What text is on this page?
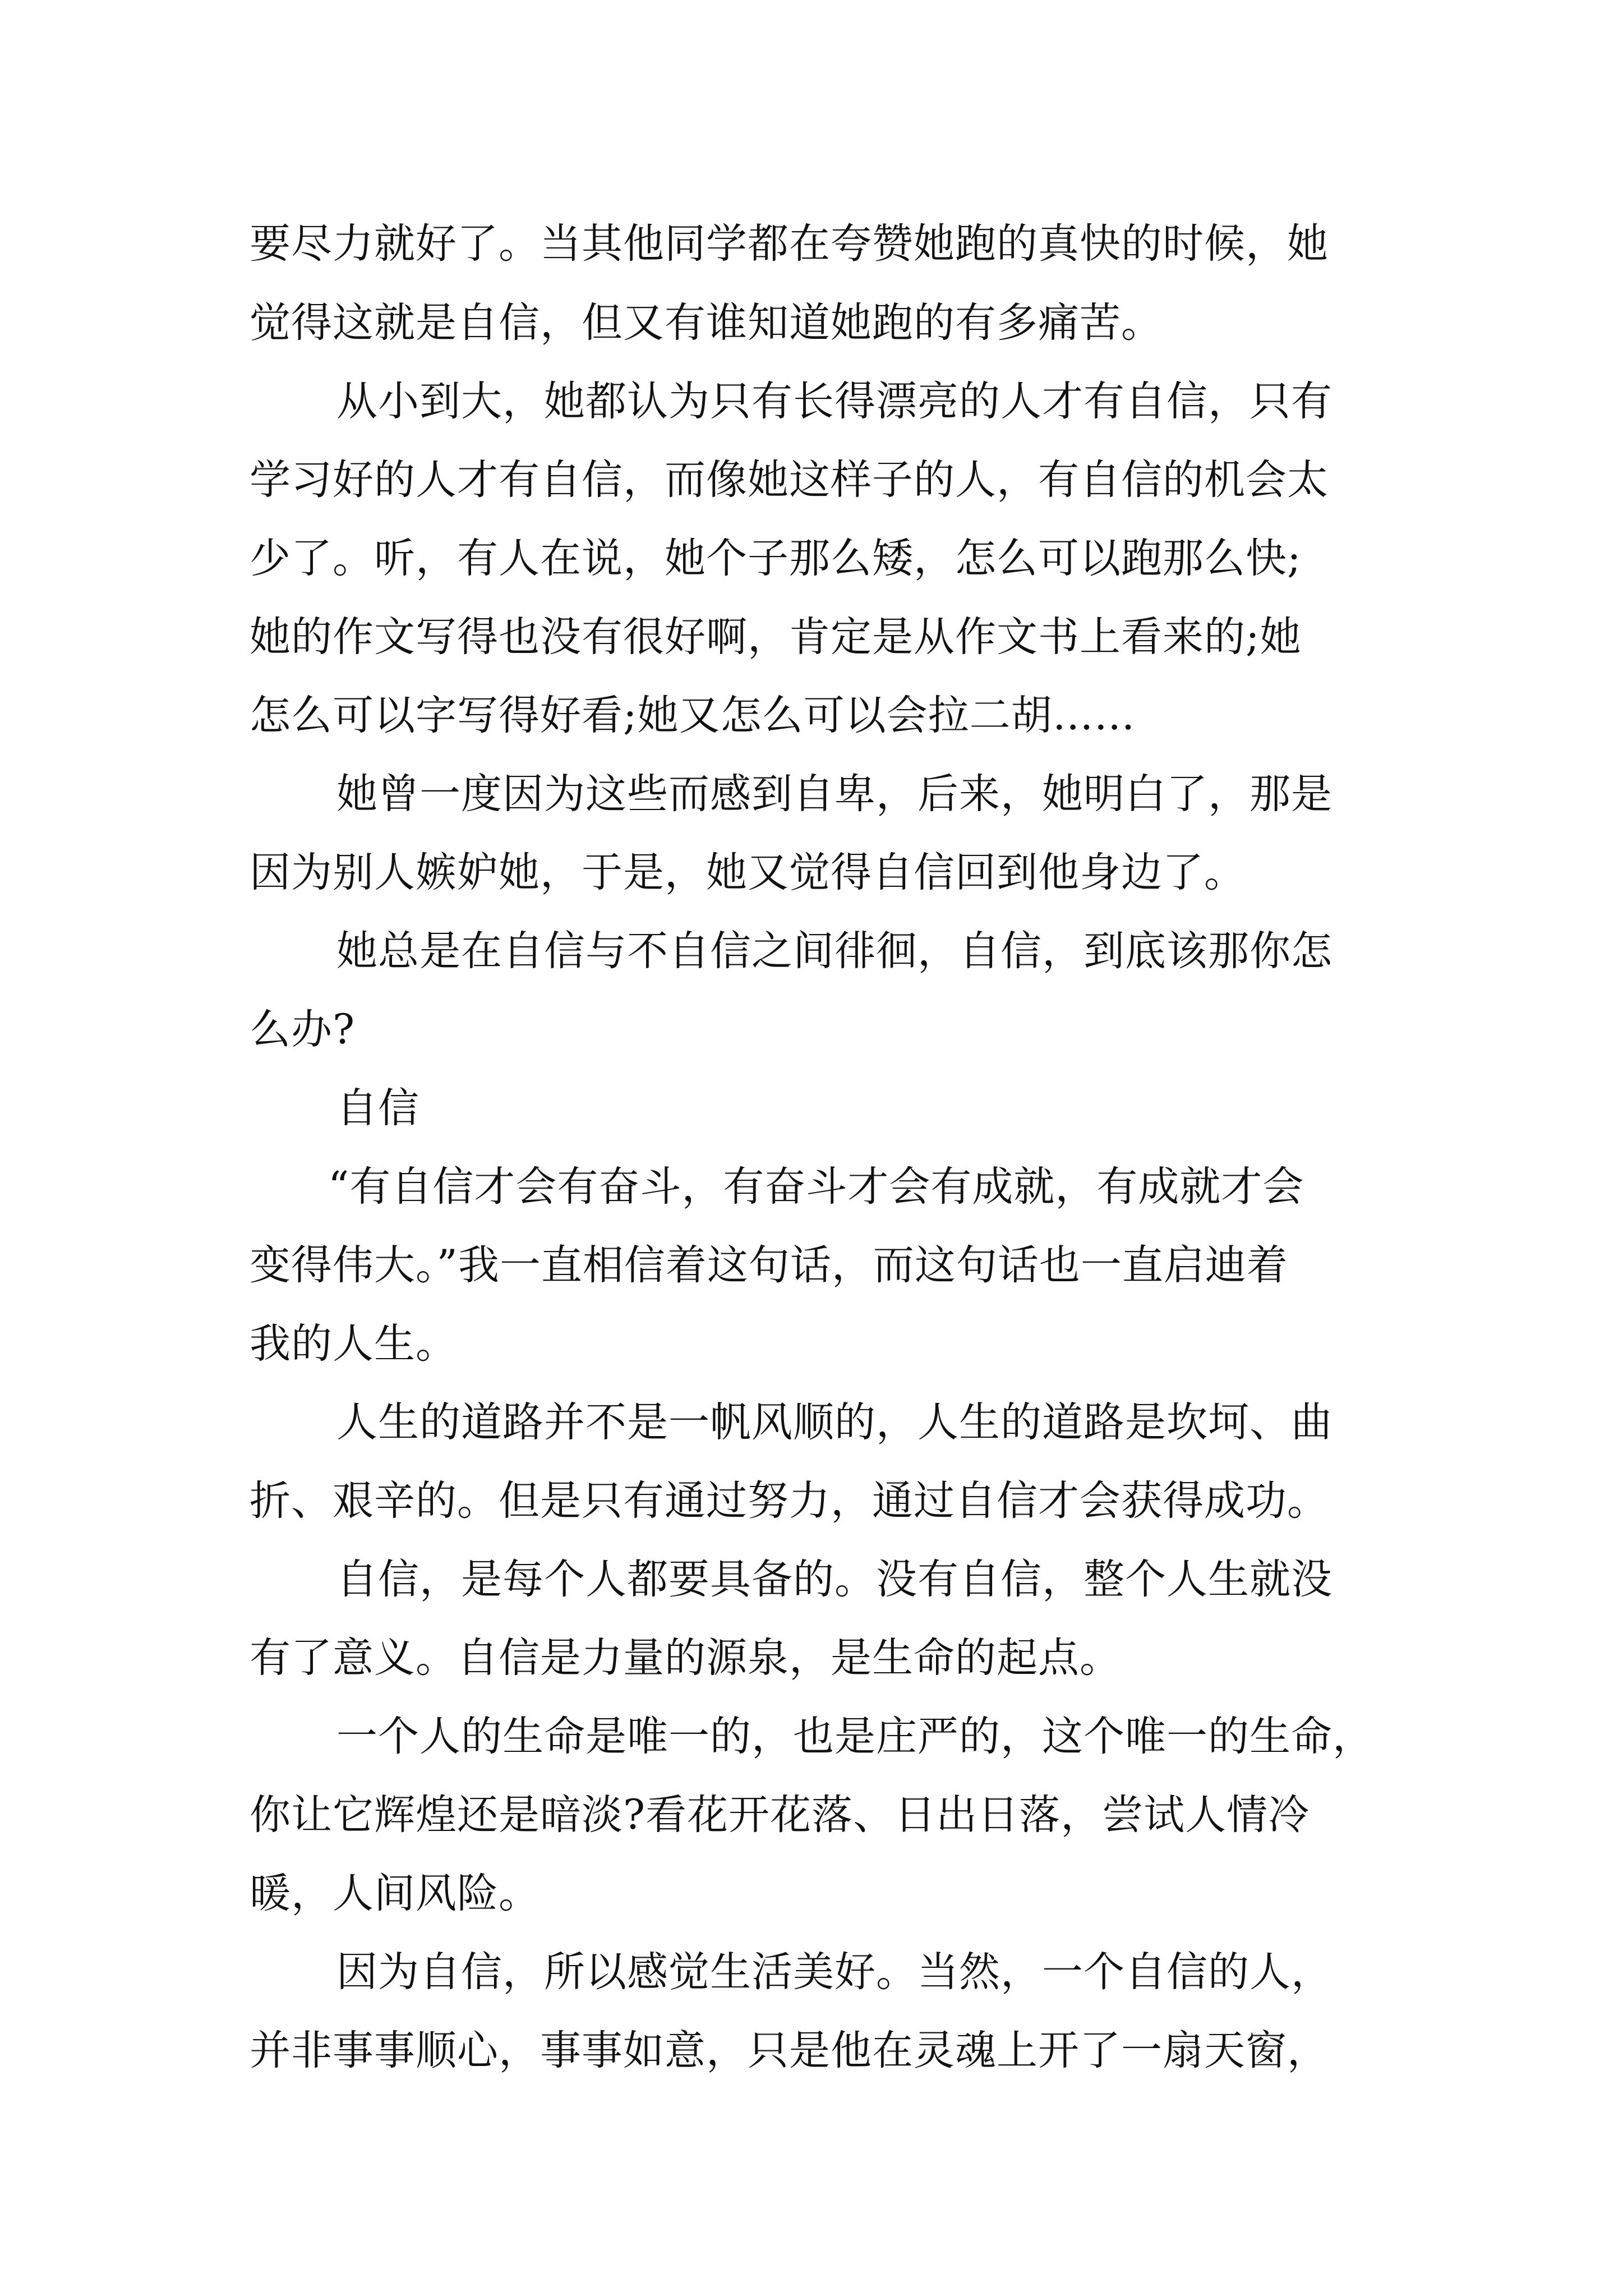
要尽力就好了。当其他同学都在夸赞她跑的真快的时候，她
觉得这就是自信，但又有谁知道她跑的有多痛苦。
从小到大，她都认为只有长得漂亮的人才有自信，只有
学习好的人才有自信，而像她这样子的人，有自信的机会太
少了。听，有人在说，她个子那么矮，怎么可以跑那么快;
她的作文写得也没有很好啊，肯定是从作文书上看来的;她
怎么可以字写得好看;她又怎么可以会拉二胡……
她曾一度因为这些而感到自卑，后来，她明白了，那是
因为别人嫉妒她，于是，她又觉得自信回到他身边了。
她总是在自信与不自信之间徘徊，自信，到底该那你怎
么办?
自信
“有自信才会有奋斗，有奋斗才会有成就，有成就才会
变得伟大。”我一直相信着这句话，而这句话也一直启迪着
我的人生。
人生的道路并不是一帆风顺的，人生的道路是坎坷、曲
折、艰辛的。但是只有通过努力，通过自信才会获得成功。
自信，是每个人都要具备的。没有自信，整个人生就没
有了意义。自信是力量的源泉，是生命的起点。
一个人的生命是唯一的，也是庄严的，这个唯一的生命，
你让它辉煌还是暗淡?看花开花落、日出日落，尝试人情冷
暖，人间风险。
因为自信，所以感觉生活美好。当然，一个自信的人，
并非事事顺心，事事如意，只是他在灵魂上开了一扇天窗，
